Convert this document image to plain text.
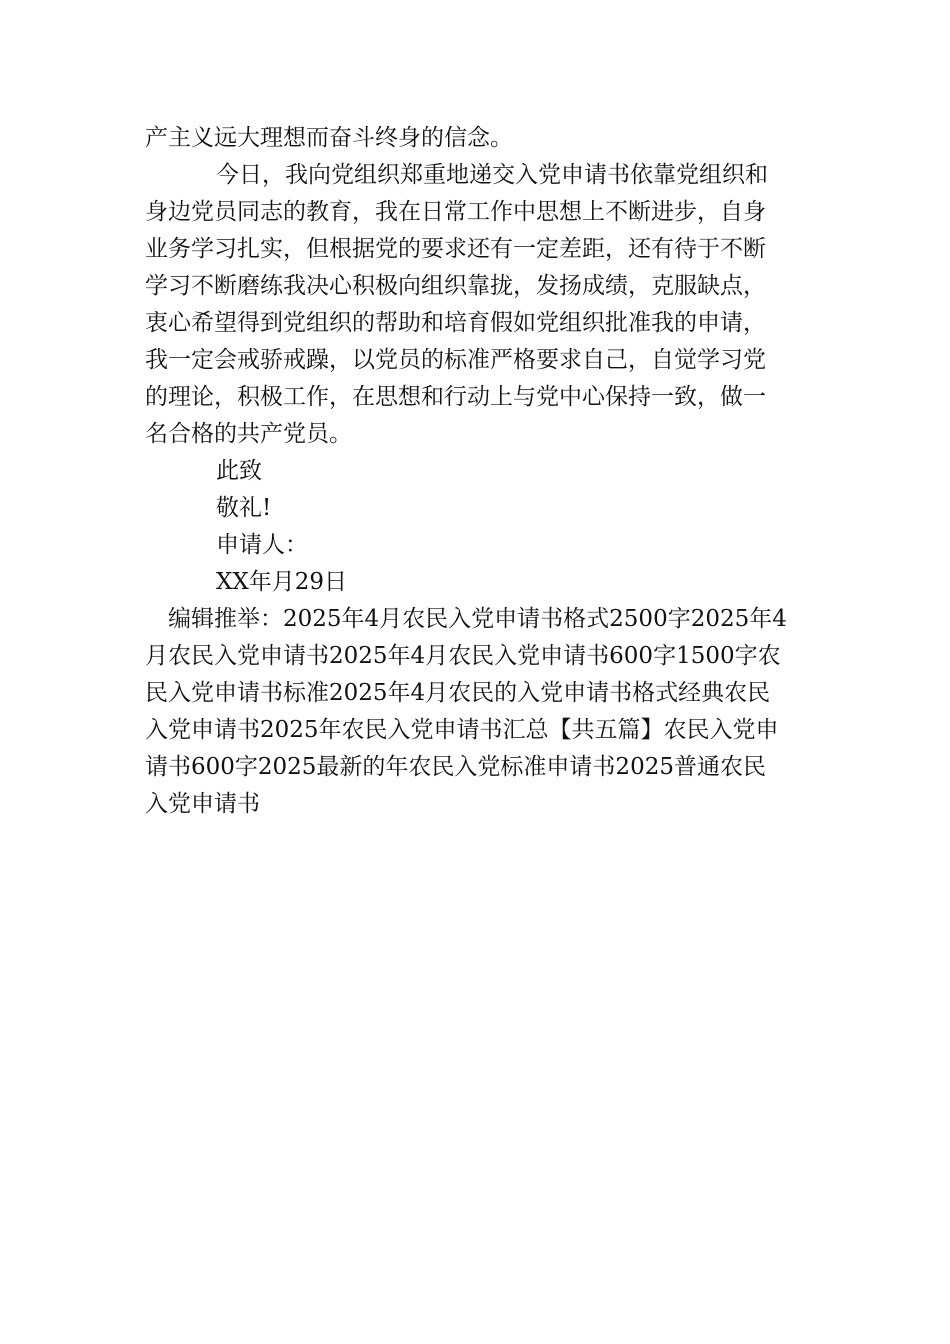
产主义远大理想而奋斗终身的信念。
今日，我向党组织郑重地递交入党申请书依靠党组织和
身边党员同志的教育，我在日常工作中思想上不断进步，自身
业务学习扎实，但根据党的要求还有一定差距，还有待于不断
学习不断磨练我决心积极向组织靠拢，发扬成绩，克服缺点，
衷心希望得到党组织的帮助和培育假如党组织批准我的申请，
我一定会戒骄戒躁，以党员的标准严格要求自己，自觉学习党
的理论，积极工作，在思想和行动上与党中心保持一致，做一
名合格的共产党员。
此致
敬礼!
申请人：
XX年月29日
编辑推举：2025年4月农民入党申请书格式2500字2025年4
月农民入党申请书2025年4月农民入党申请书600字1500字农
民入党申请书标准2025年4月农民的入党申请书格式经典农民
入党申请书2025年农民入党申请书汇总【共五篇】农民入党申
请书600字2025最新的年农民入党标准申请书2025普通农民
入党申请书
